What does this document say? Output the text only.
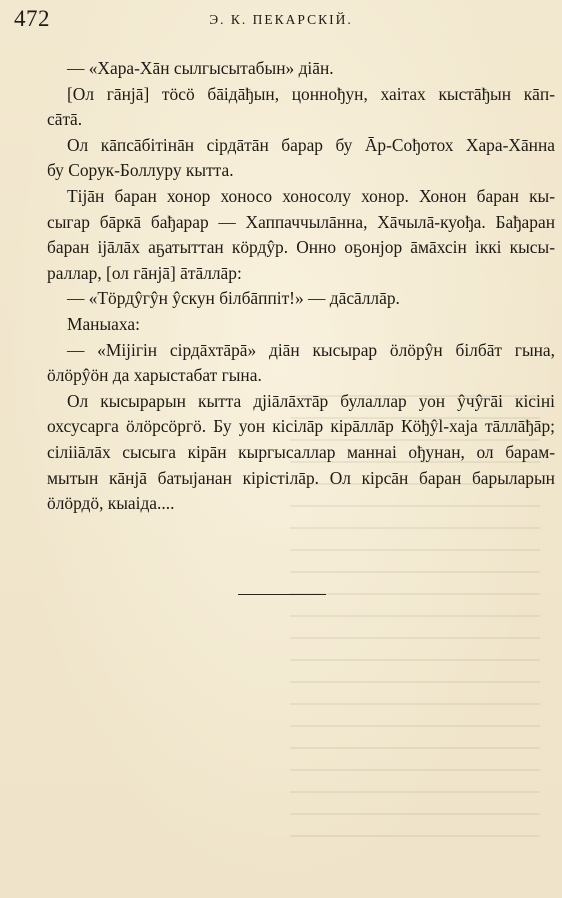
472	Э. К. ПЕКАРСКІЙ.
— «Хара-Хāн сылгысытабын» дiāн.
[Ол гāнjā] тöсö бāiдāђын, цоннођун, хаiтах кыстāђын кāп-
сāтā.
Ол кāпсāбiтiнāн сiрдāтāн барар бу Āр-Сођотох Хара-Хāнна
бу Сорук-Боллуру кытта.
Тiјāн баран хонор хоносо хоносолу хонор. Хонон баран кы-
сыгар бāркā бађарар — Хаппаччылāнна, Хāчылā-куођа. Бађаран
баран iјāлāх аҕатыттан кöрдŷр. Онно оҕонјор āмāхсiн iккi кысы-
раллар, [ол гāнjā] āтāллāр:
— «Тöрдŷгŷн ŷскун бiлбāппiт!» — дāсāллāр.
Маныаха:
— «Мiјiгiн сiрдāхтāрā» дiāн кысырар öлöрŷн бiлбāт гына,
öлöрŷöн да харыстабат гына.
Ол кысырарын кытта дjiāлāхтāр булаллар уон ŷчŷгāi кiсiнi
охсусарга öлöрсöргö. Бу уон кiсiлāр кiрāллāр Кöђŷl-хаја тāллāђāр;
сiлiiāлāх сысыга кiрāн кыргысаллар маннаi ођунан, ол барам-
мытын кāнјā батыјанан кiрiстiлāр. Ол кiрсāн баран барыларын
öлöрдö, кыаiда....
